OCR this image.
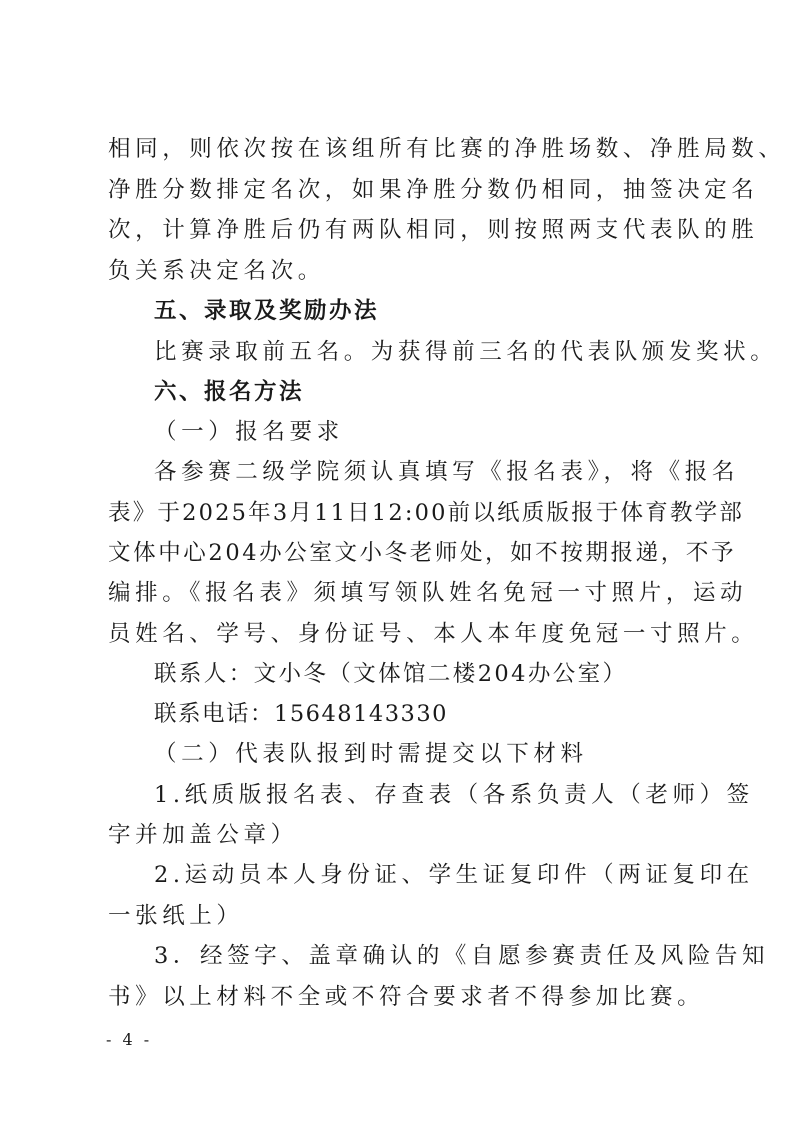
相同，则依次按在该组所有比赛的净胜场数、净胜局数、
净胜分数排定名次，如果净胜分数仍相同，抽签决定名
次，计算净胜后仍有两队相同，则按照两支代表队的胜
负关系决定名次。
五、录取及奖励办法
比赛录取前五名。为获得前三名的代表队颁发奖状。
六、报名方法
（一）报名要求
各参赛二级学院须认真填写《报名表》，将《报名
表》于2025年3月11日12:00前以纸质版报于体育教学部
文体中心204办公室文小冬老师处，如不按期报递，不予
编排。《报名表》须填写领队姓名免冠一寸照片，运动
员姓名、学号、身份证号、本人本年度免冠一寸照片。
联系人：文小冬（文体馆二楼204办公室）
联系电话：15648143330
（二）代表队报到时需提交以下材料
1.纸质版报名表、存查表（各系负责人（老师）签
字并加盖公章）
2.运动员本人身份证、学生证复印件（两证复印在
一张纸上）
3．经签字、盖章确认的《自愿参赛责任及风险告知
书》以上材料不全或不符合要求者不得参加比赛。
- 4 -
